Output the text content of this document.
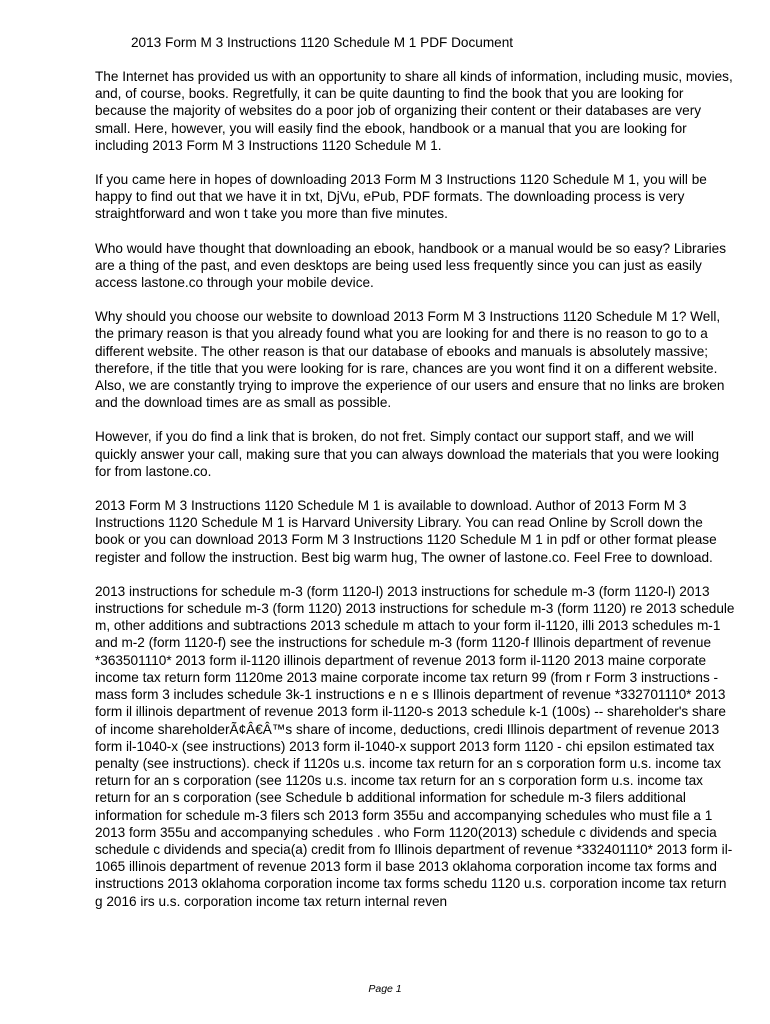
2013 Form M 3 Instructions 1120 Schedule M 1 PDF Document

The Internet has provided us with an opportunity to share all kinds of information, including music, movies, and, of course, books. Regretfully, it can be quite daunting to find the book that you are looking for because the majority of websites do a poor job of organizing their content or their databases are very small. Here, however, you will easily find the ebook, handbook or a manual that you are looking for including 2013 Form M 3 Instructions 1120 Schedule M 1.

If you came here in hopes of downloading 2013 Form M 3 Instructions 1120 Schedule M 1, you will be happy to find out that we have it in txt, DjVu, ePub, PDF formats. The downloading process is very straightforward and won t take you more than five minutes.

Who would have thought that downloading an ebook, handbook or a manual would be so easy? Libraries are a thing of the past, and even desktops are being used less frequently since you can just as easily access lastone.co through your mobile device.

Why should you choose our website to download 2013 Form M 3 Instructions 1120 Schedule M 1? Well, the primary reason is that you already found what you are looking for and there is no reason to go to a different website. The other reason is that our database of ebooks and manuals is absolutely massive; therefore, if the title that you were looking for is rare, chances are you wont find it on a different website. Also, we are constantly trying to improve the experience of our users and ensure that no links are broken and the download times are as small as possible.

However, if you do find a link that is broken, do not fret. Simply contact our support staff, and we will quickly answer your call, making sure that you can always download the materials that you were looking for from lastone.co.

2013 Form M 3 Instructions 1120 Schedule M 1 is available to download. Author of 2013 Form M 3 Instructions 1120 Schedule M 1 is Harvard University Library. You can read Online by Scroll down the book or you can download 2013 Form M 3 Instructions 1120 Schedule M 1 in pdf or other format please register and follow the instruction. Best big warm hug, The owner of lastone.co. Feel Free to download.

2013 instructions for schedule m-3 (form 1120-l) 2013 instructions for schedule m-3 (form 1120-l) 2013 instructions for schedule m-3 (form 1120) 2013 instructions for schedule m-3 (form 1120) re 2013 schedule m, other additions and subtractions 2013 schedule m attach to your form il-1120, illi 2013 schedules m-1 and m-2 (form 1120-f) see the instructions for schedule m-3 (form 1120-f Illinois department of revenue *363501110* 2013 form il-1120 illinois department of revenue 2013 form il-1120 2013 maine corporate income tax return form 1120me 2013 maine corporate income tax return 99 (from r Form 3 instructions - mass form 3 includes schedule 3k-1 instructions e n e s Illinois department of revenue *332701110* 2013 form il illinois department of revenue 2013 form il-1120-s 2013 schedule k-1 (100s) -- shareholder's share of income shareholderÃ¢Â€Â™s share of income, deductions, credi Illinois department of revenue 2013 form il-1040-x (see instructions) 2013 form il-1040-x support 2013 form 1120 - chi epsilon estimated tax penalty (see instructions). check if 1120s u.s. income tax return for an s corporation form u.s. income tax return for an s corporation (see 1120s u.s. income tax return for an s corporation form u.s. income tax return for an s corporation (see Schedule b additional information for schedule m-3 filers additional information for schedule m-3 filers sch 2013 form 355u and accompanying schedules who must file a 1 2013 form 355u and accompanying schedules . who Form 1120(2013) schedule c dividends and specia schedule c dividends and specia(a) credit from fo Illinois department of revenue *332401110* 2013 form il-1065 illinois department of revenue 2013 form il base 2013 oklahoma corporation income tax forms and instructions 2013 oklahoma corporation income tax forms schedu 1120 u.s. corporation income tax return g 2016 irs u.s. corporation income tax return internal reven

Page 1
